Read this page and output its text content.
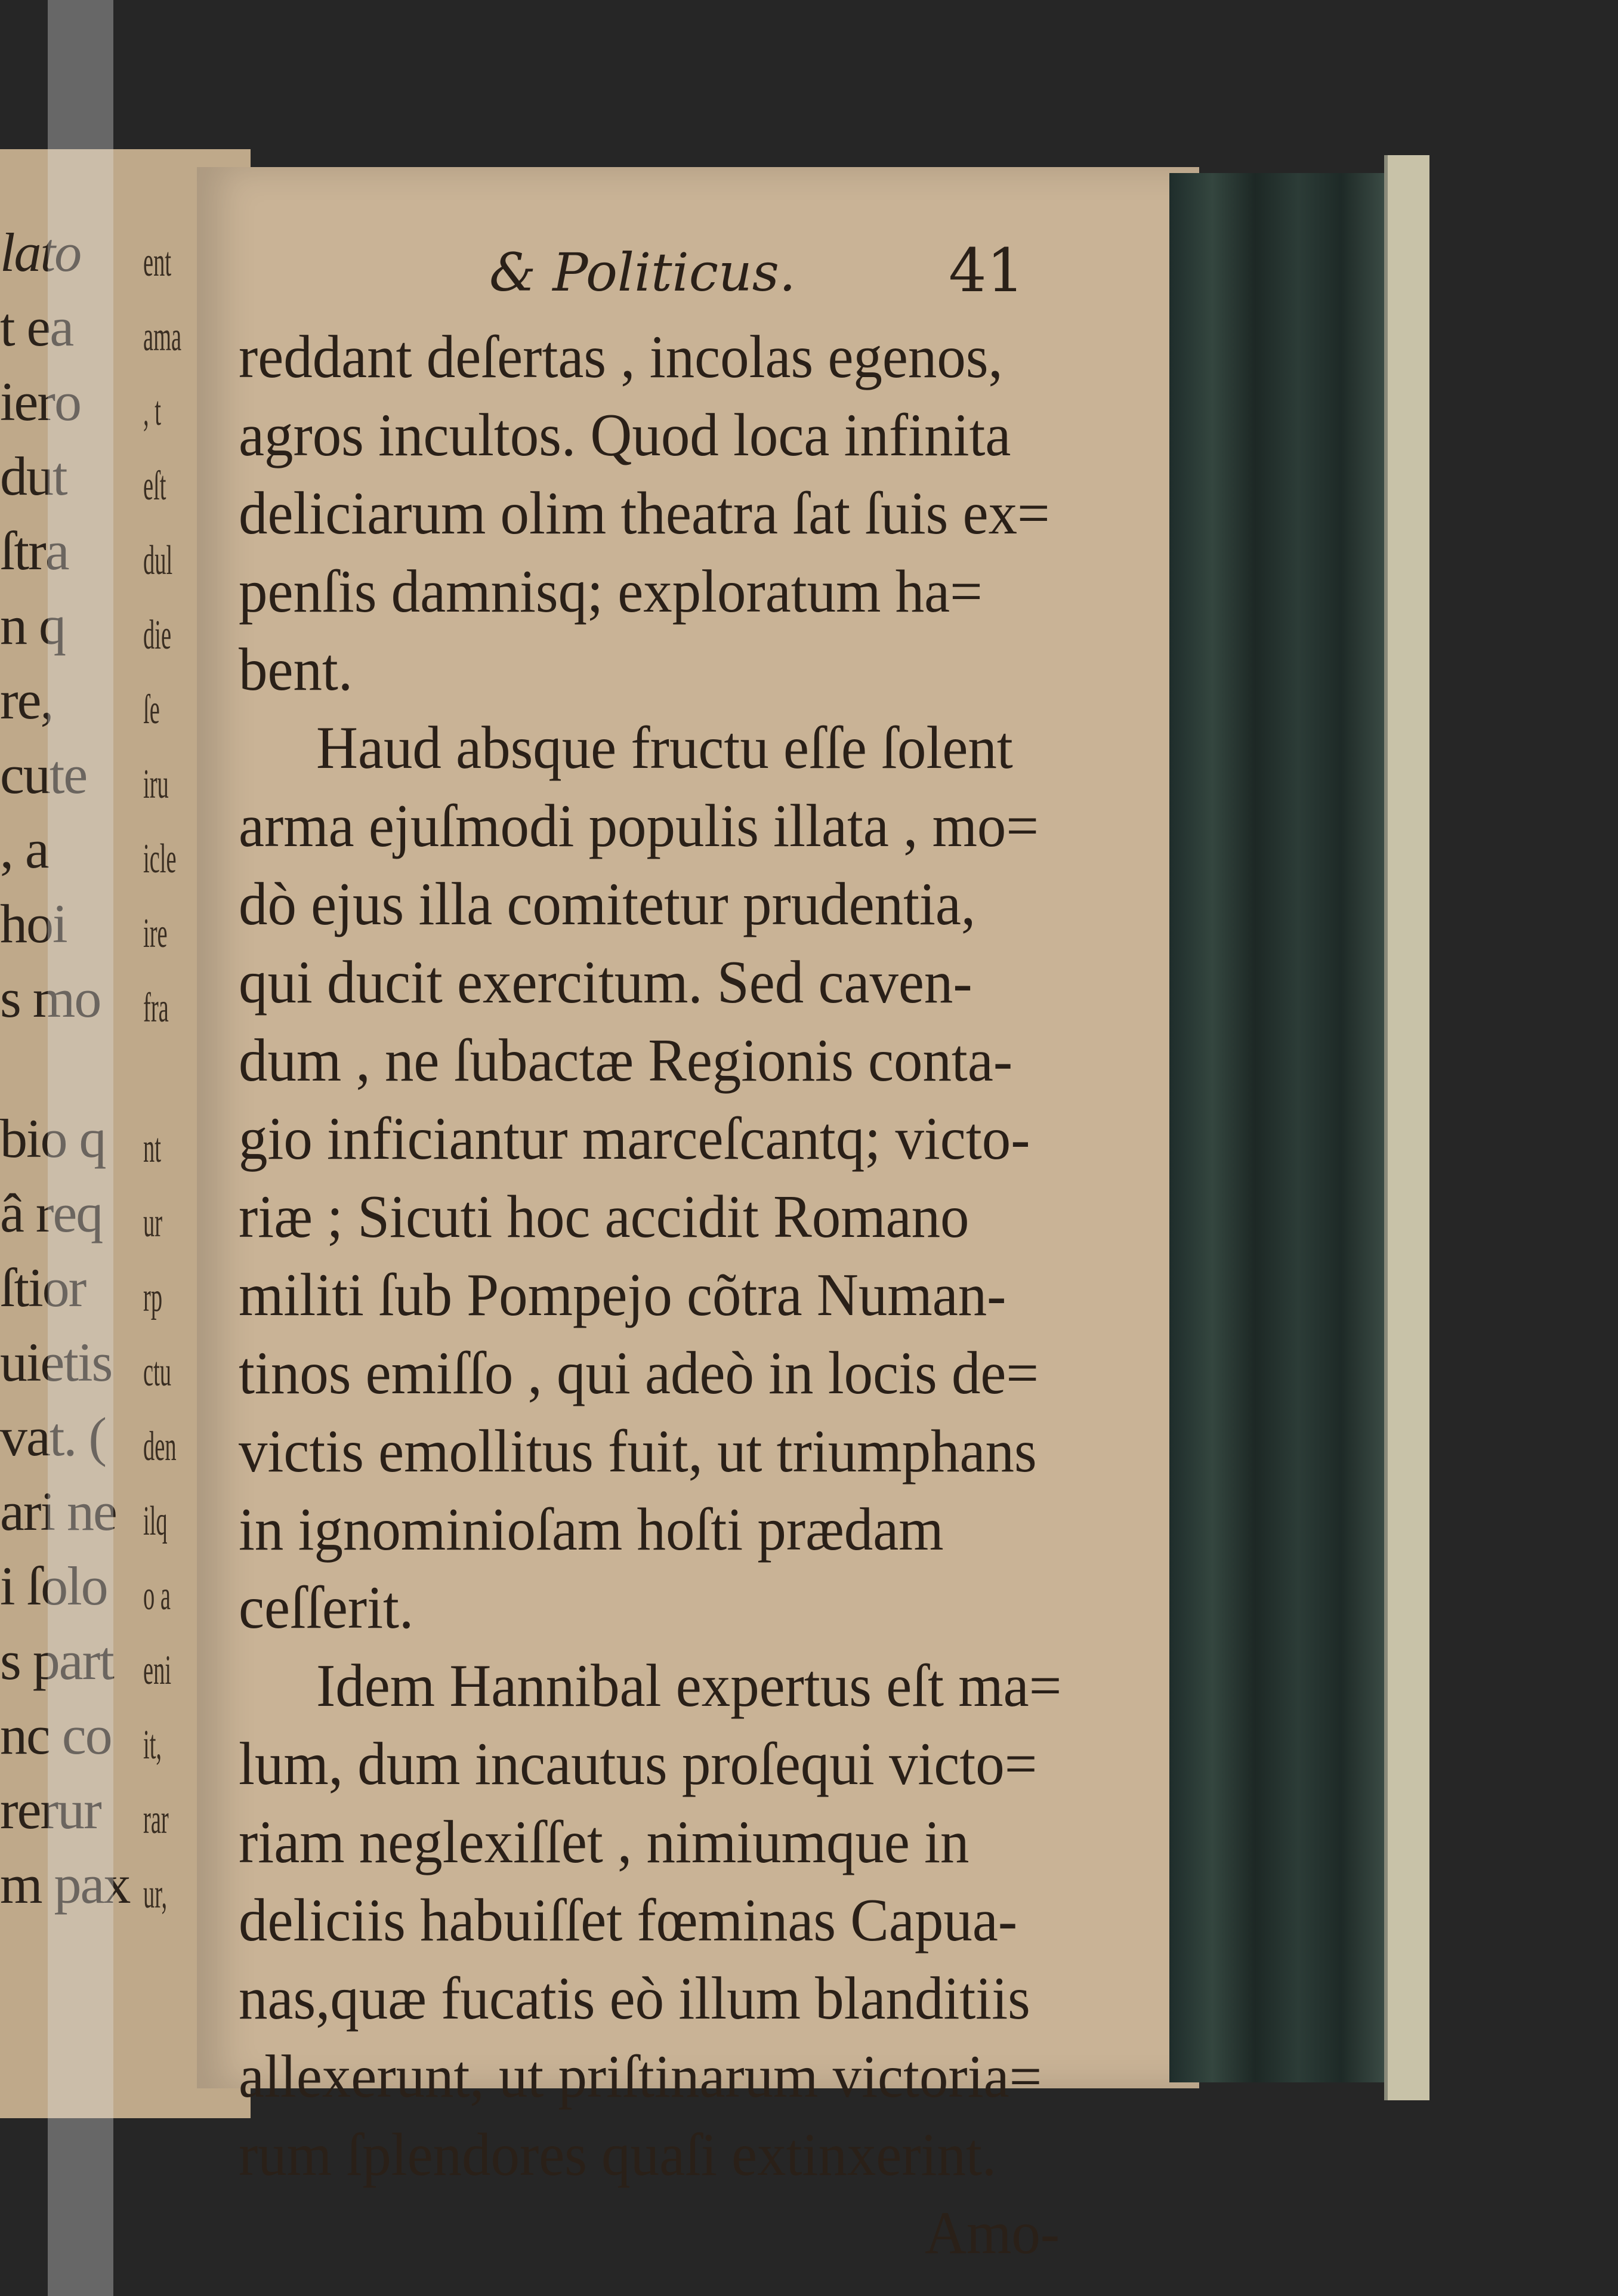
lato
t ea
iero
dut
ſtra
n q
re,
cute
, a
hoi
s mo
bio q
â req
ſtior
uietis
vat. (
ari ne
i ſolo
s part
nc co
rerur
m pax
ent
ama
, t
eſt
dul
die
ſe
iru
icle
ire
fra
nt
ur
rp
ctu
den
ilq
o a
eni
it,
rar
ur,
& Politicus.	41
reddant deſertas , incolas egenos,
agros incultos. Quod loca infinita
deliciarum olim theatra ſat ſuis ex=
penſis damnisq; exploratum ha=
bent.
Haud absque fructu eſſe ſolent
arma ejuſmodi populis illata , mo=
dò ejus illa comitetur prudentia,
qui ducit exercitum. Sed caven-
dum , ne ſubactæ Regionis conta-
gio inficiantur marceſcantq; victo-
riæ ; Sicuti hoc accidit Romano
militi ſub Pompejo cõtra Numan-
tinos emiſſo , qui adeò in locis de=
victis emollitus fuit, ut triumphans
in ignominioſam hoſti prædam
ceſſerit.
Idem Hannibal expertus eſt ma=
lum, dum incautus proſequi victo=
riam neglexiſſet , nimiumque in
deliciis habuiſſet fœminas Capua-
nas,quæ fucatis eò illum blanditiis
allexerunt, ut priſtinarum victoria=
rum ſplendores quaſi extinxerint.
Amo-
